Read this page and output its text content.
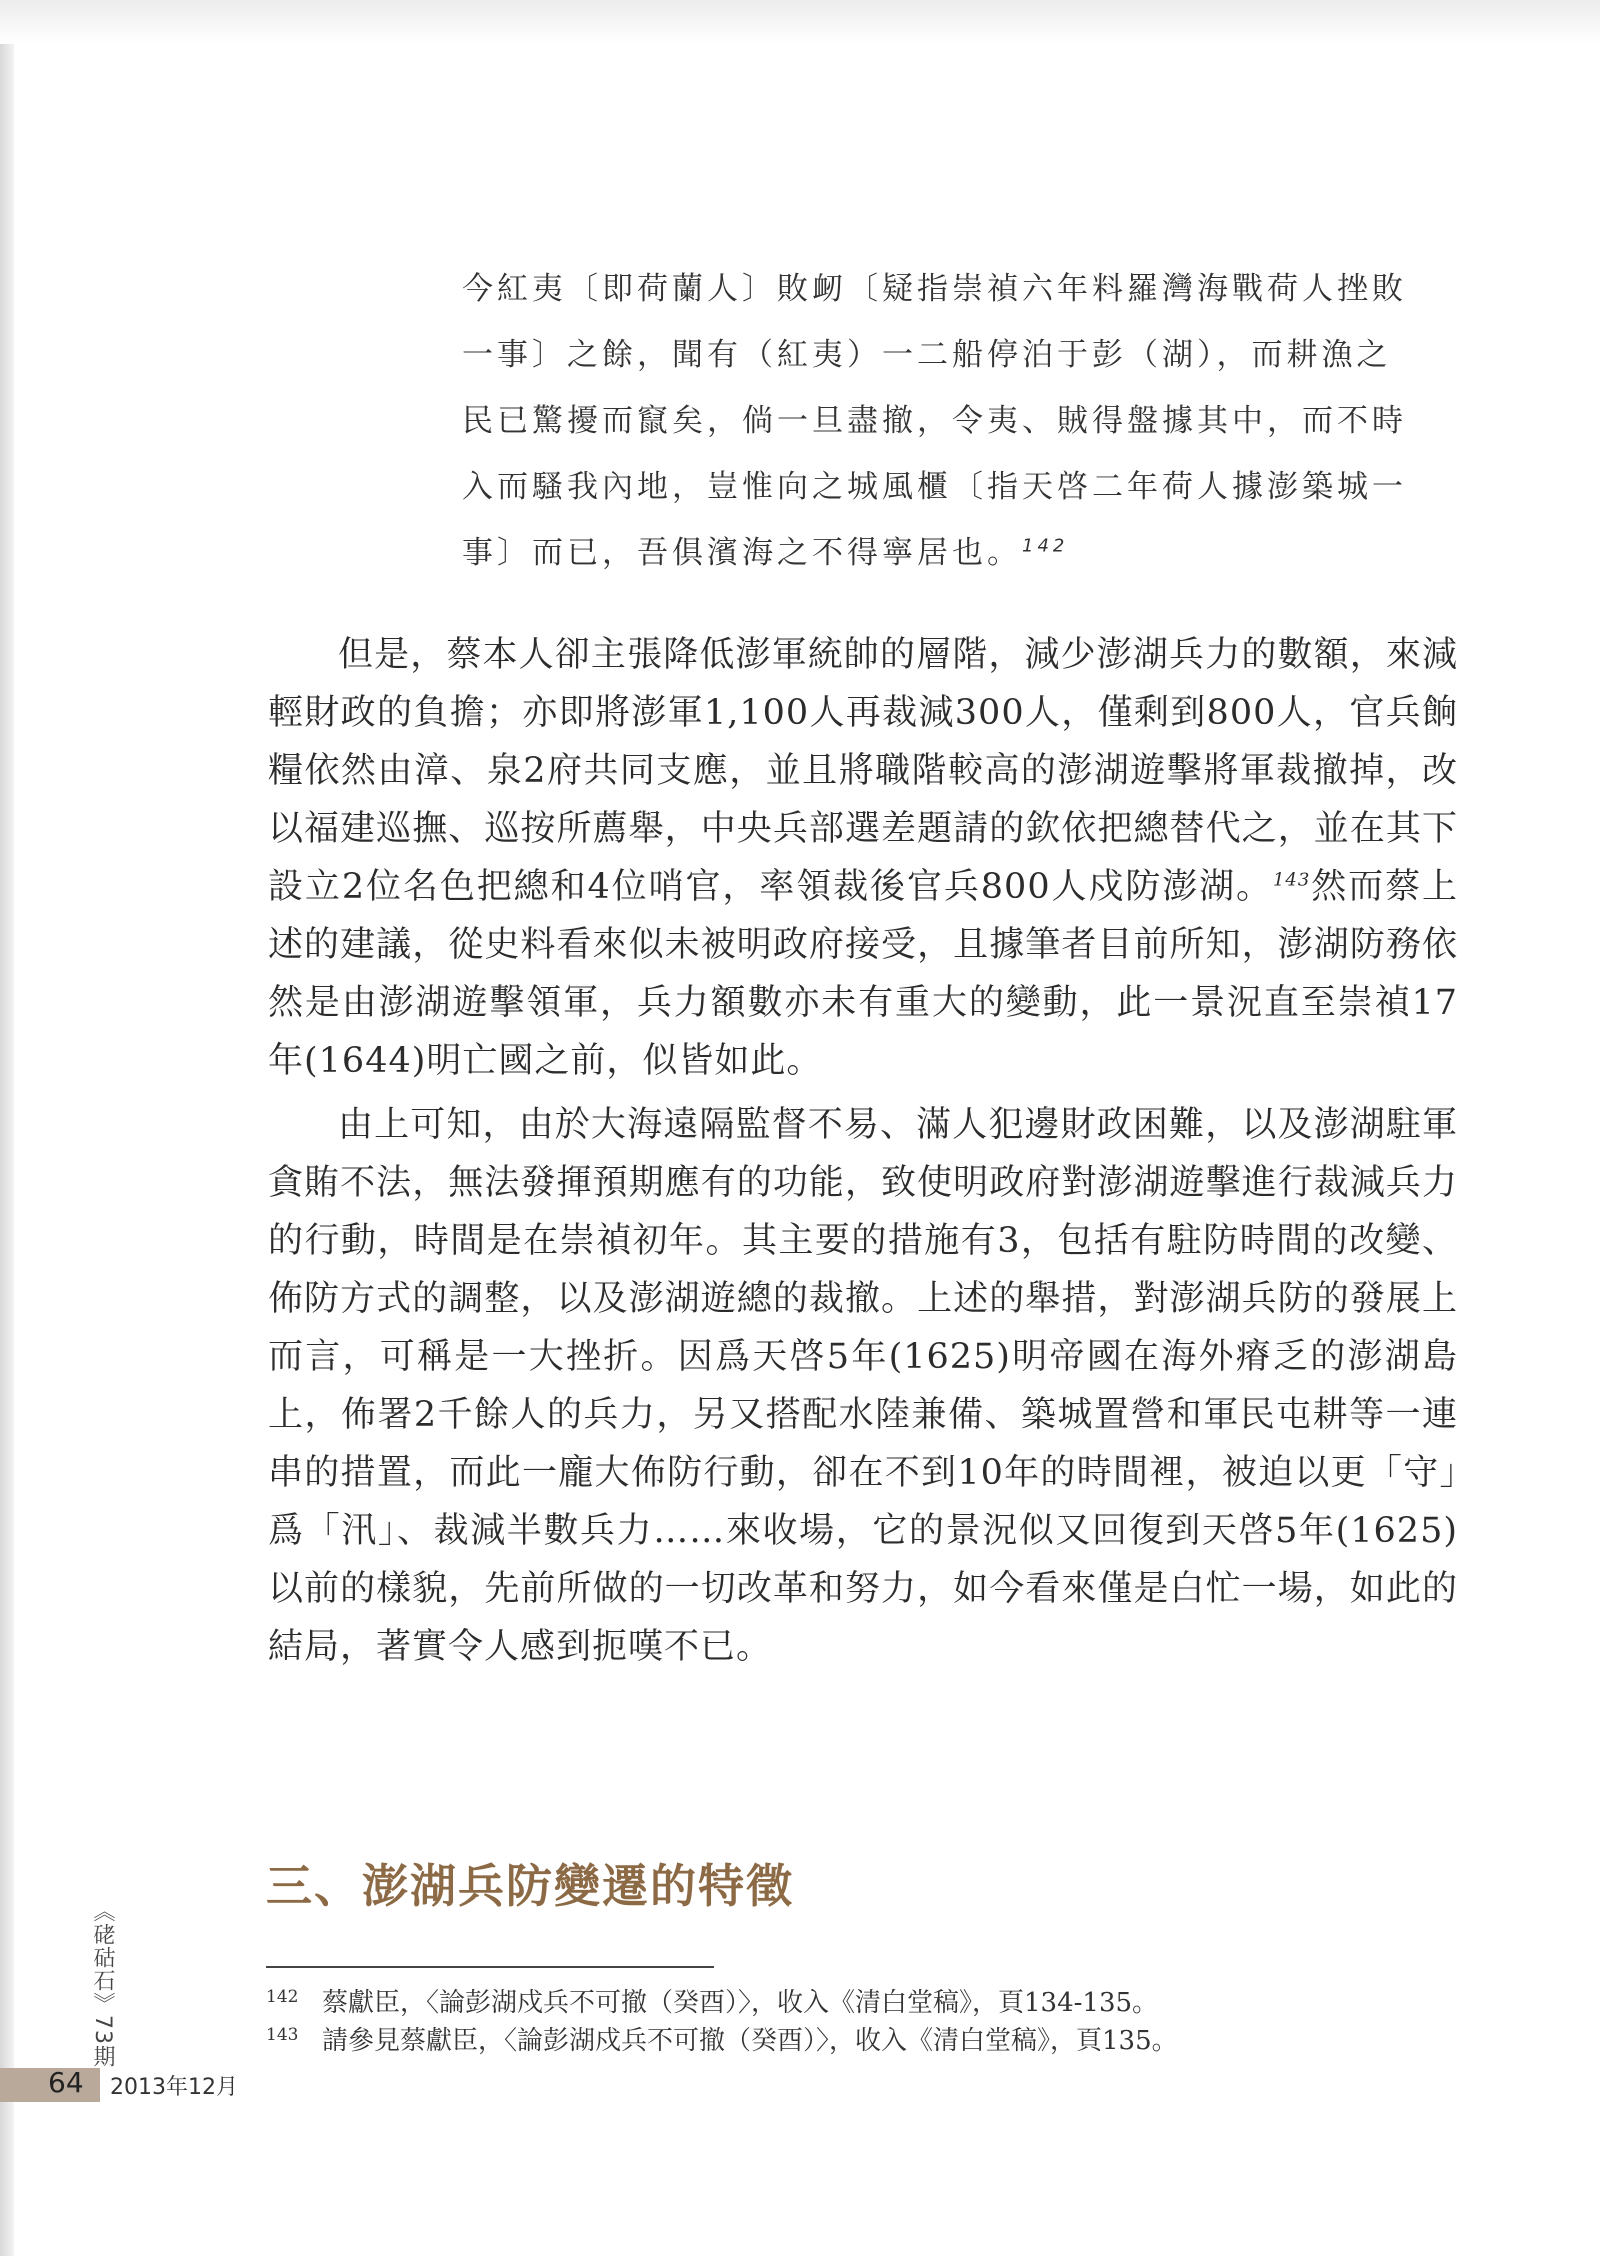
今紅夷〔即荷蘭人〕敗衂〔疑指崇禎六年料羅灣海戰荷人挫敗

一事〕之餘，聞有（紅夷）一二船停泊于彭（湖），而耕漁之

民已驚擾而竄矣，倘一旦盡撤，令夷、賊得盤據其中，而不時

入而騷我內地，豈惟向之城風櫃〔指天啓二年荷人據澎築城一

事〕而已，吾俱濱海之不得寧居也。$^{142}$

但是，蔡本人卻主張降低澎軍統帥的層階，減少澎湖兵力的數額，來減輕財政的負擔；亦即將澎軍1,100人再裁減300人，僅剩到800人，官兵餉糧依然由漳、泉2府共同支應，並且將職階較高的澎湖遊擊將軍裁撤掉，改以福建巡撫、巡按所薦舉，中央兵部選差題請的欽依把總替代之，並在其下設立2位名色把總和4位哨官，率領裁後官兵800人戍防澎湖。$^{143}$然而蔡上述的建議，從史料看來似未被明政府接受，且據筆者目前所知，澎湖防務依然是由澎湖遊擊領軍，兵力額數亦未有重大的變動，此一景況直至崇禎17年(1644)明亡國之前，似皆如此。

由上可知，由於大海遠隔監督不易、滿人犯邊財政困難，以及澎湖駐軍貪賄不法，無法發揮預期應有的功能，致使明政府對澎湖遊擊進行裁減兵力的行動，時間是在崇禎初年。其主要的措施有3，包括有駐防時間的改變、佈防方式的調整，以及澎湖遊總的裁撤。上述的舉措，對澎湖兵防的發展上而言，可稱是一大挫折。因爲天啓5年(1625)明帝國在海外瘠乏的澎湖島上，佈署2千餘人的兵力，另又搭配水陸兼備、築城置營和軍民屯耕等一連串的措置，而此一龐大佈防行動，卻在不到10年的時間裡，被迫以更「守」爲「汛」、裁減半數兵力……來收場，它的景況似又回復到天啓5年(1625)以前的樣貌，先前所做的一切改革和努力，如今看來僅是白忙一場，如此的結局，著實令人感到扼嘆不已。

三、澎湖兵防變遷的特徵
142 蔡獻臣，〈論彭湖戍兵不可撤（癸酉）〉，收入《清白堂稿》，頁134-135。
143 請參見蔡獻臣，〈論彭湖戍兵不可撤（癸酉）〉，收入《清白堂稿》，頁135。
《硓𥑮石》73期
64 2013年12月
